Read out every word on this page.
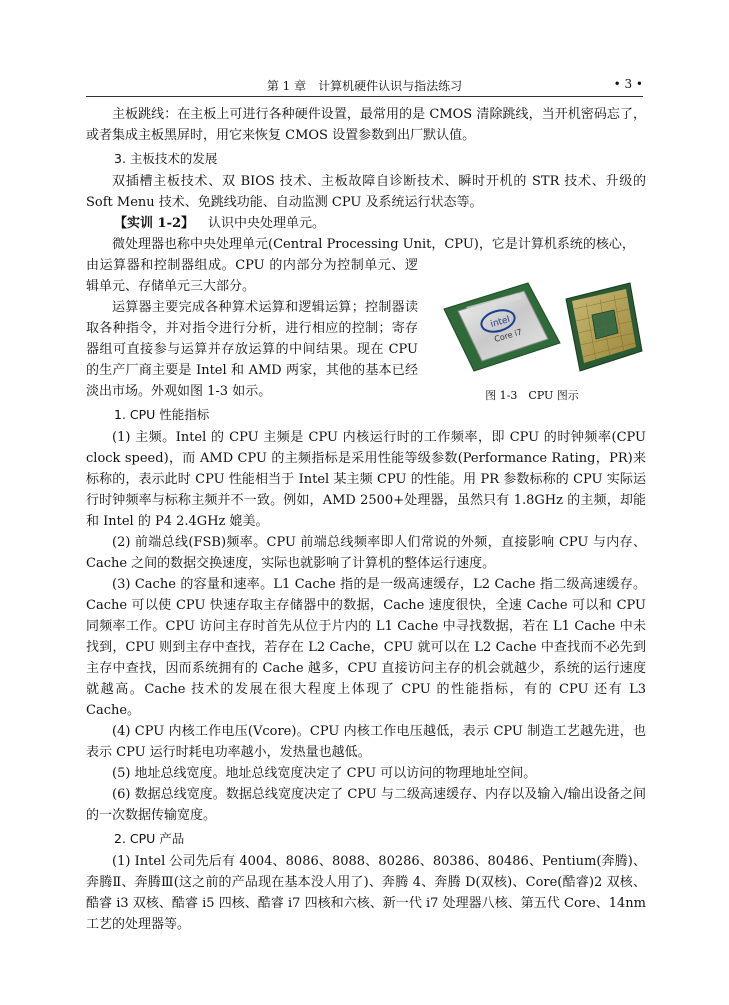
第 1 章　计算机硬件认识与指法练习	• 3 •

主板跳线：在主板上可进行各种硬件设置，最常用的是 CMOS 清除跳线，当开机密码忘了，或者集成主板黑屏时，用它来恢复 CMOS 设置参数到出厂默认值。

3. 主板技术的发展

双插槽主板技术、双 BIOS 技术、主板故障自诊断技术、瞬时开机的 STR 技术、升级的 Soft Menu 技术、免跳线功能、自动监测 CPU 及系统运行状态等。

【实训 1-2】 认识中央处理单元。

微处理器也称中央处理单元(Central Processing Unit，CPU)，它是计算机系统的核心，

由运算器和控制器组成。CPU 的内部分为控制单元、逻辑单元、存储单元三大部分。

运算器主要完成各种算术运算和逻辑运算；控制器读取各种指令，并对指令进行分析，进行相应的控制；寄存器组可直接参与运算并存放运算的中间结果。现在 CPU 的生产厂商主要是 Intel 和 AMD 两家，其他的基本已经淡出市场。外观如图 1-3 如示。

intel
Core i7
图 1-3　CPU 图示

1. CPU 性能指标

(1) 主频。Intel 的 CPU 主频是 CPU 内核运行时的工作频率，即 CPU 的时钟频率(CPU clock speed)，而 AMD CPU 的主频指标是采用性能等级参数(Performance Rating，PR)来标称的，表示此时 CPU 性能相当于 Intel 某主频 CPU 的性能。用 PR 参数标称的 CPU 实际运行时钟频率与标称主频并不一致。例如，AMD 2500+处理器，虽然只有 1.8GHz 的主频，却能和 Intel 的 P4 2.4GHz 媲美。

(2) 前端总线(FSB)频率。CPU 前端总线频率即人们常说的外频，直接影响 CPU 与内存、Cache 之间的数据交换速度，实际也就影响了计算机的整体运行速度。

(3) Cache 的容量和速率。L1 Cache 指的是一级高速缓存，L2 Cache 指二级高速缓存。Cache 可以使 CPU 快速存取主存储器中的数据，Cache 速度很快，全速 Cache 可以和 CPU 同频率工作。CPU 访问主存时首先从位于片内的 L1 Cache 中寻找数据，若在 L1 Cache 中未找到，CPU 则到主存中查找，若存在 L2 Cache，CPU 就可以在 L2 Cache 中查找而不必先到主存中查找，因而系统拥有的 Cache 越多，CPU 直接访问主存的机会就越少，系统的运行速度就越高。Cache 技术的发展在很大程度上体现了 CPU 的性能指标，有的 CPU 还有 L3 Cache。

(4) CPU 内核工作电压(Vcore)。CPU 内核工作电压越低，表示 CPU 制造工艺越先进，也表示 CPU 运行时耗电功率越小，发热量也越低。

(5) 地址总线宽度。地址总线宽度决定了 CPU 可以访问的物理地址空间。

(6) 数据总线宽度。数据总线宽度决定了 CPU 与二级高速缓存、内存以及输入/输出设备之间的一次数据传输宽度。

2. CPU 产品

(1) Intel 公司先后有 4004、8086、8088、80286、80386、80486、Pentium(奔腾)、奔腾Ⅱ、奔腾Ⅲ(这之前的产品现在基本没人用了)、奔腾 4、奔腾 D(双核)、Core(酷睿)2 双核、酷睿 i3 双核、酷睿 i5 四核、酷睿 i7 四核和六核、新一代 i7 处理器八核、第五代 Core、14nm 工艺的处理器等。
